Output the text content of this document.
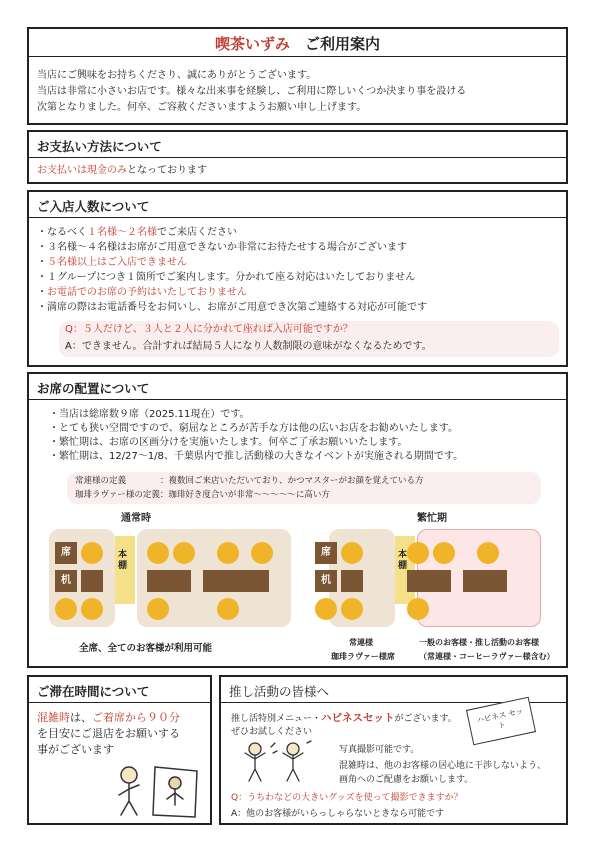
喫茶いずみ　 ご利用案内
当店にご興味をお持ちくださり、誠にありがとうございます。
当店は非常に小さいお店です。様々な出来事を経験し、ご利用に際しいくつか決まり事を設ける
次第となりました。何卒、ご容赦くださいますようお願い申し上げます。
お支払い方法について
お支払いは現金のみとなっております
ご入店人数について
・なるべく１名様～２名様でご来店ください
・３名様～４名様はお席がご用意できないか非常にお待たせする場合がございます
・５名様以上はご入店できません
・１グループにつき１箇所でご案内します。分かれて座る対応はいたしておりません
・お電話でのお席の予約はいたしておりません
・満席の際はお電話番号をお伺いし、お席がご用意でき次第ご連絡する対応が可能です
Q：５人だけど、３人と２人に分かれて座れば入店可能ですか？
A：できません。合計すれば結局５人になり人数制限の意味がなくなるためです。
お席の配置について
・当店は総席数９席（2025.11現在）です。
・とても狭い空間ですので、窮屈なところが苦手な方は他の広いお店をお勧めいたします。
・繁忙期は、お席の区画分けを実施いたします。何卒ご了承お願いいたします。
・繁忙期は、12/27～1/8、千葉県内で推し活動様の大きなイベントが実施される期間です。
常連様の定義　　　　：複数回ご来店いただいており、かつマスターがお顔を覚えている方
珈琲ラヴァー様の定義：珈琲好き度合いが非常～～～～～に高い方
通常時
本棚
繁忙期
本棚
席
机
席
机
全席、全てのお客様が利用可能
常連様
珈琲ラヴァー様席
一般のお客様・推し活動のお客様
（常連様・コーヒーラヴァー様含む）
ご滞在時間について
混雑時は、ご着席から９０分
を目安にご退店をお願いする
事がございます
推し活動の皆様へ
推し活特別メニュー・ハピネスセットがございます。
ぜひお試しください
ハピネス セット
写真撮影可能です。
混雑時は、他のお客様の居心地に干渉しないよう、
画角へのご配慮をお願いします。
Q：うちわなどの大きいグッズを使って撮影できますか？
A：他のお客様がいらっしゃらないときなら可能です
